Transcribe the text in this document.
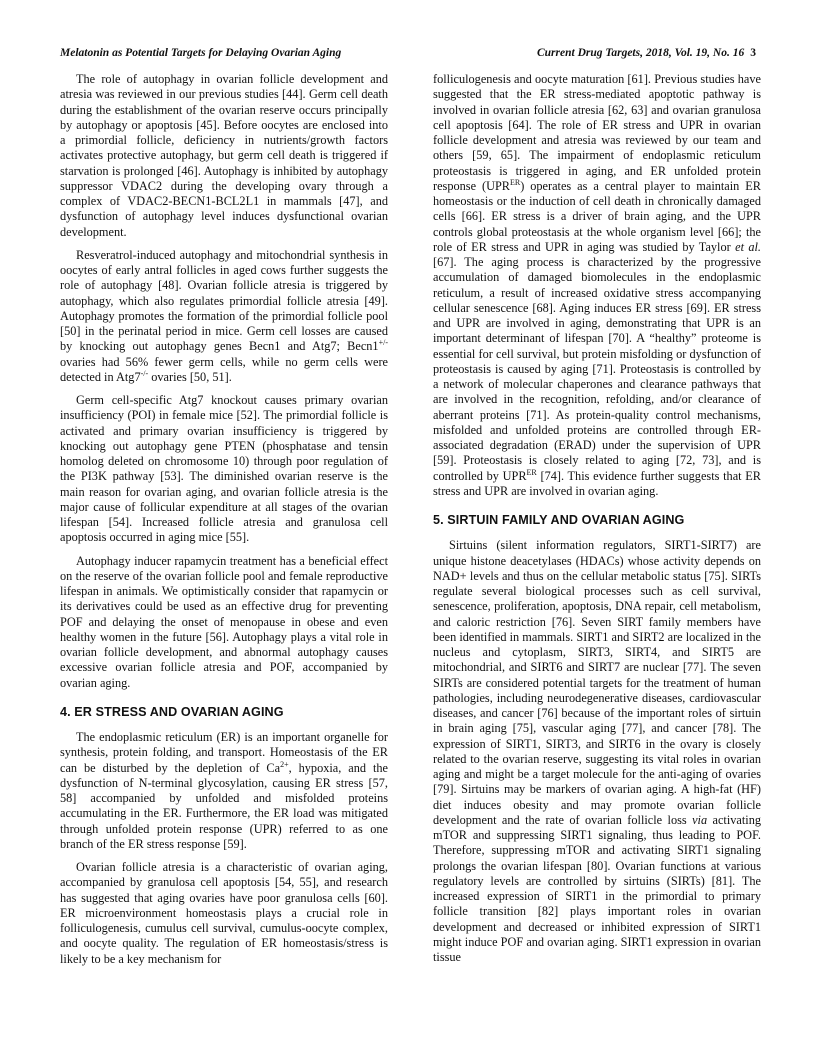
Melatonin as Potential Targets for Delaying Ovarian Aging	Current Drug Targets, 2018, Vol. 19, No. 16 3

The role of autophagy in ovarian follicle development and atresia was reviewed in our previous studies [44]. Germ cell death during the establishment of the ovarian reserve occurs principally by autophagy or apoptosis [45]. Before oocytes are enclosed into a primordial follicle, deficiency in nutrients/growth factors activates protective autophagy, but germ cell death is triggered if starvation is prolonged [46]. Autophagy is inhibited by autophagy suppressor VDAC2 during the developing ovary through a complex of VDAC2-BECN1-BCL2L1 in mammals [47], and dysfunction of autophagy level induces dysfunctional ovarian development.

Resveratrol-induced autophagy and mitochondrial synthesis in oocytes of early antral follicles in aged cows further suggests the role of autophagy [48]. Ovarian follicle atresia is triggered by autophagy, which also regulates primordial follicle atresia [49]. Autophagy promotes the formation of the primordial follicle pool [50] in the perinatal period in mice. Germ cell losses are caused by knocking out autophagy genes Becn1 and Atg7; Becn1+/- ovaries had 56% fewer germ cells, while no germ cells were detected in Atg7-/- ovaries [50, 51].

Germ cell-specific Atg7 knockout causes primary ovarian insufficiency (POI) in female mice [52]. The primordial follicle is activated and primary ovarian insufficiency is triggered by knocking out autophagy gene PTEN (phosphatase and tensin homolog deleted on chromosome 10) through poor regulation of the PI3K pathway [53]. The diminished ovarian reserve is the main reason for ovarian aging, and ovarian follicle atresia is the major cause of follicular expenditure at all stages of the ovarian lifespan [54]. Increased follicle atresia and granulosa cell apoptosis occurred in aging mice [55].

Autophagy inducer rapamycin treatment has a beneficial effect on the reserve of the ovarian follicle pool and female reproductive lifespan in animals. We optimistically consider that rapamycin or its derivatives could be used as an effective drug for preventing POF and delaying the onset of menopause in obese and even healthy women in the future [56]. Autophagy plays a vital role in ovarian follicle development, and abnormal autophagy causes excessive ovarian follicle atresia and POF, accompanied by ovarian aging.

4. ER STRESS AND OVARIAN AGING

The endoplasmic reticulum (ER) is an important organelle for synthesis, protein folding, and transport. Homeostasis of the ER can be disturbed by the depletion of $Ca^{2+}$, hypoxia, and the dysfunction of N-terminal glycosylation, causing ER stress [57, 58] accompanied by unfolded and misfolded proteins accumulating in the ER. Furthermore, the ER load was mitigated through unfolded protein response (UPR) referred to as one branch of the ER stress response [59].

Ovarian follicle atresia is a characteristic of ovarian aging, accompanied by granulosa cell apoptosis [54, 55], and research has suggested that aging ovaries have poor granulosa cells [60]. ER microenvironment homeostasis plays a crucial role in folliculogenesis, cumulus cell survival, cumulus-oocyte complex, and oocyte quality. The regulation of ER homeostasis/stress is likely to be a key mechanism for

folliculogenesis and oocyte maturation [61]. Previous studies have suggested that the ER stress-mediated apoptotic pathway is involved in ovarian follicle atresia [62, 63] and ovarian granulosa cell apoptosis [64]. The role of ER stress and UPR in ovarian follicle development and atresia was reviewed by our team and others [59, 65]. The impairment of endoplasmic reticulum proteostasis is triggered in aging, and ER unfolded protein response $(UPR^{ER})$ operates as a central player to maintain ER homeostasis or the induction of cell death in chronically damaged cells [66]. ER stress is a driver of brain aging, and the UPR controls global proteostasis at the whole organism level [66]; the role of ER stress and UPR in aging was studied by Taylor et al. [67]. The aging process is characterized by the progressive accumulation of damaged biomolecules in the endoplasmic reticulum, a result of increased oxidative stress accompanying cellular senescence [68]. Aging induces ER stress [69]. ER stress and UPR are involved in aging, demonstrating that UPR is an important determinant of lifespan [70]. A “healthy” proteome is essential for cell survival, but protein misfolding or dysfunction of proteostasis is caused by aging [71]. Proteostasis is controlled by a network of molecular chaperones and clearance pathways that are involved in the recognition, refolding, and/or clearance of aberrant proteins [71]. As protein-quality control mechanisms, misfolded and unfolded proteins are controlled through ER-associated degradation (ERAD) under the supervision of UPR [59]. Proteostasis is closely related to aging [72, 73], and is controlled by $UPR^{ER}$ [74]. This evidence further suggests that ER stress and UPR are involved in ovarian aging.

5. SIRTUIN FAMILY AND OVARIAN AGING

Sirtuins (silent information regulators, SIRT1-SIRT7) are unique histone deacetylases (HDACs) whose activity depends on NAD+ levels and thus on the cellular metabolic status [75]. SIRTs regulate several biological processes such as cell survival, senescence, proliferation, apoptosis, DNA repair, cell metabolism, and caloric restriction [76]. Seven SIRT family members have been identified in mammals. SIRT1 and SIRT2 are localized in the nucleus and cytoplasm, SIRT3, SIRT4, and SIRT5 are mitochondrial, and SIRT6 and SIRT7 are nuclear [77]. The seven SIRTs are considered potential targets for the treatment of human pathologies, including neurodegenerative diseases, cardiovascular diseases, and cancer [76] because of the important roles of sirtuin in brain aging [75], vascular aging [77], and cancer [78]. The expression of SIRT1, SIRT3, and SIRT6 in the ovary is closely related to the ovarian reserve, suggesting its vital roles in ovarian aging and might be a target molecule for the anti-aging of ovaries [79]. Sirtuins may be markers of ovarian aging. A high-fat (HF) diet induces obesity and may promote ovarian follicle development and the rate of ovarian follicle loss via activating mTOR and suppressing SIRT1 signaling, thus leading to POF. Therefore, suppressing mTOR and activating SIRT1 signaling prolongs the ovarian lifespan [80]. Ovarian functions at various regulatory levels are controlled by sirtuins (SIRTs) [81]. The increased expression of SIRT1 in the primordial to primary follicle transition [82] plays important roles in ovarian development and decreased or inhibited expression of SIRT1 might induce POF and ovarian aging. SIRT1 expression in ovarian tissue
